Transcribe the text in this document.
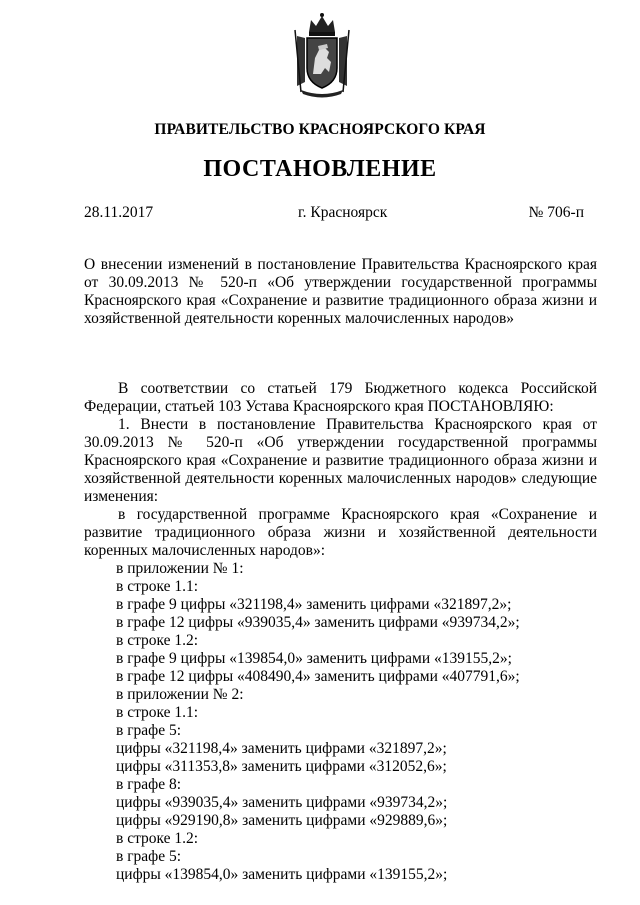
ПРАВИТЕЛЬСТВО КРАСНОЯРСКОГО КРАЯ
ПОСТАНОВЛЕНИЕ
28.11.2017	г. Красноярск	№ 706-п

О внесении изменений в постановление Правительства Красноярского края от 30.09.2013 № 520-п «Об утверждении государственной программы Красноярского края «Сохранение и развитие традиционного образа жизни и хозяйственной деятельности коренных малочисленных народов»

В соответствии со статьей 179 Бюджетного кодекса Российской Федерации, статьей 103 Устава Красноярского края ПОСТАНОВЛЯЮ:

1. Внести в постановление Правительства Красноярского края от 30.09.2013 № 520-п «Об утверждении государственной программы Красноярского края «Сохранение и развитие традиционного образа жизни и хозяйственной деятельности коренных малочисленных народов» следующие изменения:

в государственной программе Красноярского края «Сохранение и развитие традиционного образа жизни и хозяйственной деятельности коренных малочисленных народов»:

в приложении № 1:

в строке 1.1:

в графе 9 цифры «321198,4» заменить цифрами «321897,2»;

в графе 12 цифры «939035,4» заменить цифрами «939734,2»;

в строке 1.2:

в графе 9 цифры «139854,0» заменить цифрами «139155,2»;

в графе 12 цифры «408490,4» заменить цифрами «407791,6»;

в приложении № 2:

в строке 1.1:

в графе 5:

цифры «321198,4» заменить цифрами «321897,2»;

цифры «311353,8» заменить цифрами «312052,6»;

в графе 8:

цифры «939035,4» заменить цифрами «939734,2»;

цифры «929190,8» заменить цифрами «929889,6»;

в строке 1.2:

в графе 5:

цифры «139854,0» заменить цифрами «139155,2»;
